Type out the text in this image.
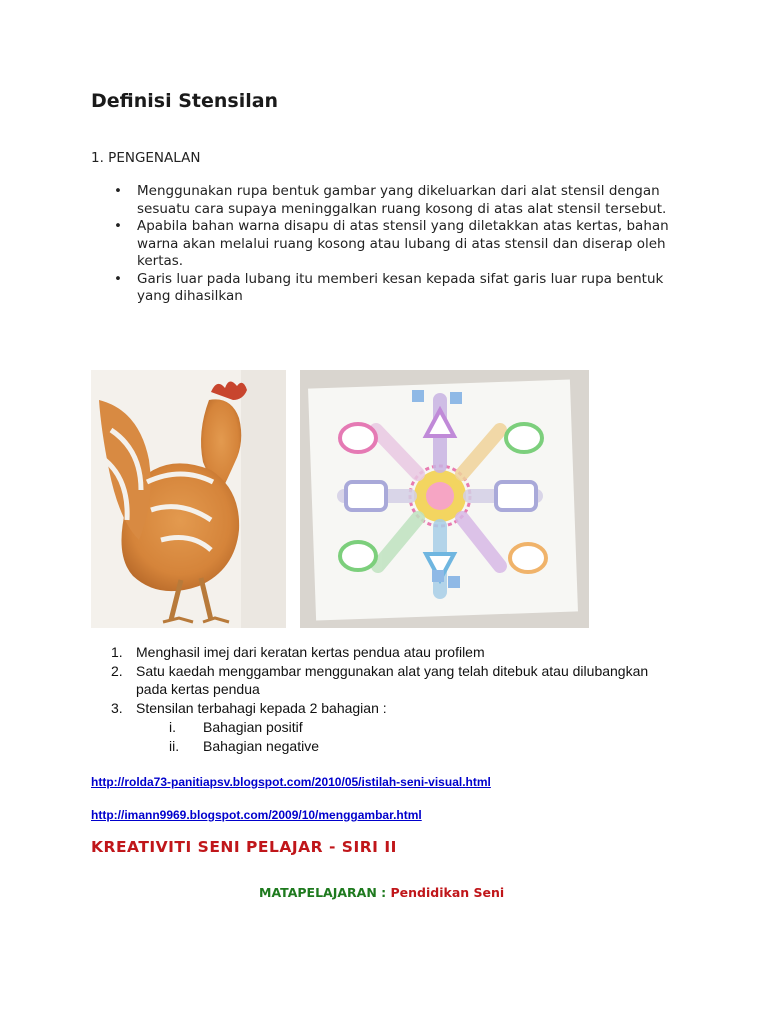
Definisi Stensilan
1. PENGENALAN
• Menggunakan rupa bentuk gambar yang dikeluarkan dari alat stensil dengan sesuatu cara supaya meninggalkan ruang kosong di atas alat stensil tersebut.
• Apabila bahan warna disapu di atas stensil yang diletakkan atas kertas, bahan warna akan melalui ruang kosong atau lubang di atas stensil dan diserap oleh kertas.
• Garis luar pada lubang itu memberi kesan kepada sifat garis luar rupa bentuk yang dihasilkan
1. Menghasil imej dari keratan kertas pendua atau profilem
2. Satu kaedah menggambar menggunakan alat yang telah ditebuk atau dilubangkan pada kertas pendua
3. Stensilan terbahagi kepada 2 bahagian :
i. Bahagian positif
ii. Bahagian negative
http://rolda73-panitiapsv.blogspot.com/2010/05/istilah-seni-visual.html
http://imann9969.blogspot.com/2009/10/menggambar.html
KREATIVITI SENI PELAJAR - SIRI II
MATAPELAJARAN : Pendidikan Seni
